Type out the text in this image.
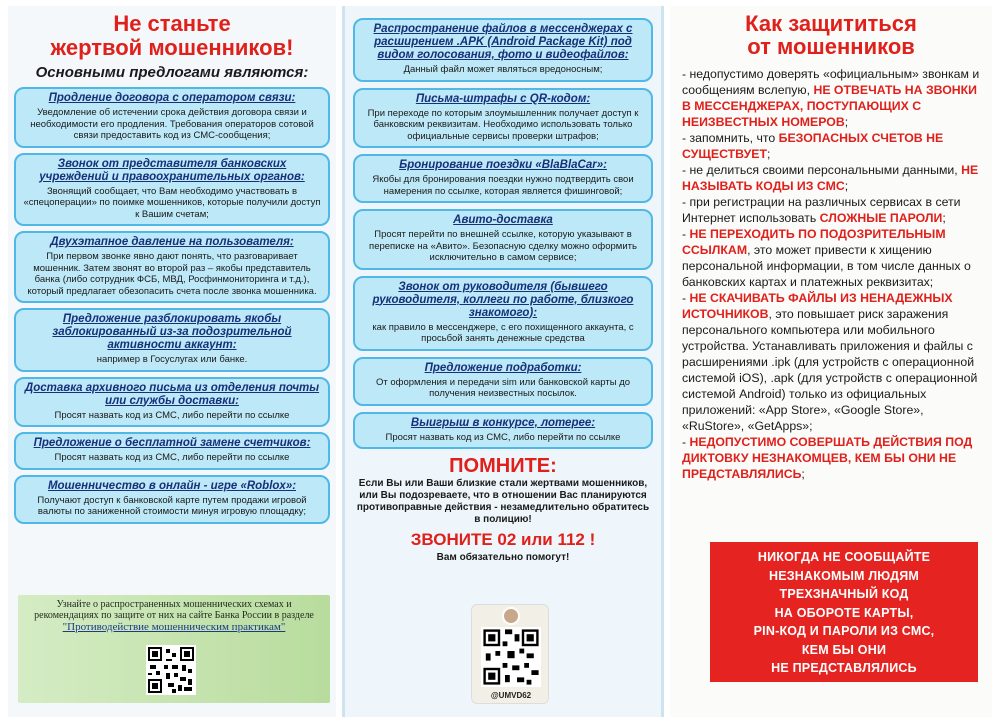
Не станьте
жертвой мошенников!
Основными предлогами являются:
Продление договора с оператором связи:
Уведомление об истечении срока действия договора связи и необходимости его продления. Требования операторов сотовой связи предоставить код из СМС-сообщения;
Звонок от представителя банковских учреждений и правоохранительных органов:
Звонящий сообщает, что Вам необходимо участвовать в «спецоперации» по поимке мошенников, которые получили доступ к Вашим счетам;
Двухэтапное давление на пользователя:
При первом звонке явно дают понять, что разговаривает мошенник. Затем звонят во второй раз – якобы представитель банка (либо сотрудник ФСБ, МВД, Росфинмониторинга и т.д.), который предлагает обезопасить счета после звонка мошенника.
Предложение разблокировать якобы заблокированный из-за подозрительной активности аккаунт:
например в Госуслугах или банке.
Доставка архивного письма из отделения почты или службы доставки:
Просят назвать код из СМС, либо перейти по ссылке
Предложение о бесплатной замене счетчиков:
Просят назвать код из СМС, либо перейти по ссылке
Мошенничество в онлайн - игре «Roblox»:
Получают доступ к банковской карте путем продажи игровой валюты по заниженной стоимости минуя игровую площадку;
Узнайте о распространенных мошеннических схемах и рекомендациях по защите от них на сайте Банка России в разделе
"Противодействие мошенническим практикам"
Распространение файлов в мессенджерах с расширением .APK (Android Package Kit) под видом голосования, фото и видеофайлов:
Данный файл может являться вредоносным;
Письма-штрафы с QR-кодом:
При переходе по которым злоумышленник получает доступ к банковским реквизитам. Необходимо использовать только официальные сервисы проверки штрафов;
Бронирование поездки «BlaBlaCar»:
Якобы для бронирования поездки нужно подтвердить свои намерения по ссылке, которая является фишинговой;
Авито-доставка
Просят перейти по внешней ссылке, которую указывают в переписке на «Авито». Безопасную сделку можно оформить исключительно в самом сервисе;
Звонок от руководителя (бывшего руководителя, коллеги по работе, близкого знакомого):
как правило в мессенджере, с его похищенного аккаунта, с просьбой занять денежные средства
Предложение подработки:
От оформления и передачи sim или банковской карты до получения неизвестных посылок.
Выигрыш в конкурсе, лотерее:
Просят назвать код из СМС, либо перейти по ссылке
ПОМНИТЕ:
Если Вы или Ваши близкие стали жертвами мошенников, или Вы подозреваете, что в отношении Вас планируются противоправные действия - незамедлительно обратитесь в полицию!
ЗВОНИТЕ 02 или 112 !
Вам обязательно помогут!
@UMVD62
Как защититься
от мошенников

- недопустимо доверять «официальным» звонкам и сообщениям вслепую, НЕ ОТВЕЧАТЬ НА ЗВОНКИ В МЕССЕНДЖЕРАХ, ПОСТУПАЮЩИХ С НЕИЗВЕСТНЫХ НОМЕРОВ;

- запомнить, что БЕЗОПАСНЫХ СЧЕТОВ НЕ СУЩЕСТВУЕТ;

- не делиться своими персональными данными, НЕ НАЗЫВАТЬ КОДЫ ИЗ СМС;

- при регистрации на различных сервисах в сети Интернет использовать СЛОЖНЫЕ ПАРОЛИ;

- НЕ ПЕРЕХОДИТЬ ПО ПОДОЗРИТЕЛЬНЫМ ССЫЛКАМ, это может привести к хищению персональной информации, в том числе данных о банковских картах и платежных реквизитах;

- НЕ СКАЧИВАТЬ ФАЙЛЫ ИЗ НЕНАДЕЖНЫХ ИСТОЧНИКОВ, это повышает риск заражения персонального компьютера или мобильного устройства. Устанавливать приложения и файлы с расширениями .ipk (для устройств с операционной системой iOS), .apk (для устройств с операционной системой Android) только из официальных приложений: «App Store», «Google Store», «RuStore», «GetApps»;

- НЕДОПУСТИМО СОВЕРШАТЬ ДЕЙСТВИЯ ПОД ДИКТОВКУ НЕЗНАКОМЦЕВ, КЕМ БЫ ОНИ НЕ ПРЕДСТАВЛЯЛИСЬ;

НИКОГДА НЕ СООБЩАЙТЕ
НЕЗНАКОМЫМ ЛЮДЯМ
ТРЕХЗНАЧНЫЙ КОД
НА ОБОРОТЕ КАРТЫ,
PIN-КОД И ПАРОЛИ ИЗ СМС,
КЕМ БЫ ОНИ
НЕ ПРЕДСТАВЛЯЛИСЬ
